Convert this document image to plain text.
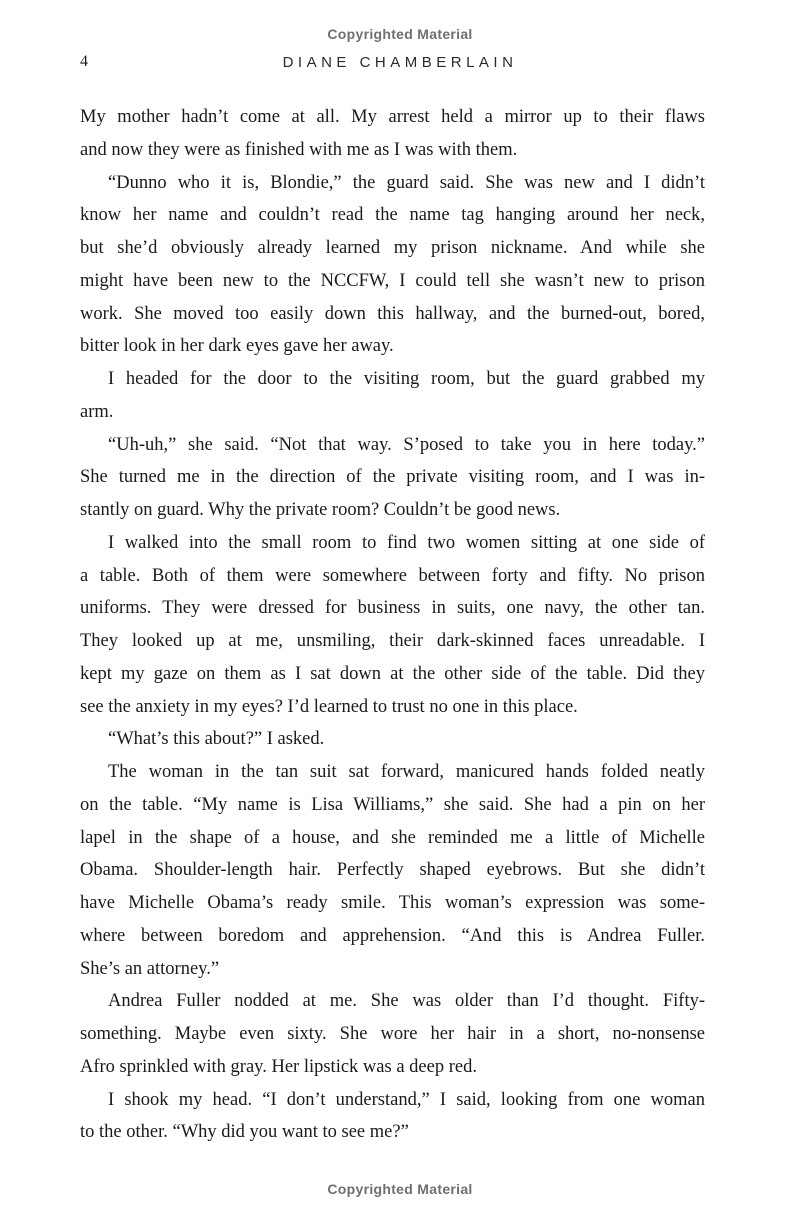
Copyrighted Material
4	DIANE CHAMBERLAIN
My mother hadn’t come at all. My arrest held a mirror up to their flaws
and now they were as finished with me as I was with them.
“Dunno who it is, Blondie,” the guard said. She was new and I didn’t
know her name and couldn’t read the name tag hanging around her neck,
but she’d obviously already learned my prison nickname. And while she
might have been new to the NCCFW, I could tell she wasn’t new to prison
work. She moved too easily down this hallway, and the burned-out, bored,
bitter look in her dark eyes gave her away.
I headed for the door to the visiting room, but the guard grabbed my
arm.
“Uh-uh,” she said. “Not that way. S’posed to take you in here today.”
She turned me in the direction of the private visiting room, and I was in-
stantly on guard. Why the private room? Couldn’t be good news.
I walked into the small room to find two women sitting at one side of
a table. Both of them were somewhere between forty and fifty. No prison
uniforms. They were dressed for business in suits, one navy, the other tan.
They looked up at me, unsmiling, their dark-skinned faces unreadable. I
kept my gaze on them as I sat down at the other side of the table. Did they
see the anxiety in my eyes? I’d learned to trust no one in this place.
“What’s this about?” I asked.
The woman in the tan suit sat forward, manicured hands folded neatly
on the table. “My name is Lisa Williams,” she said. She had a pin on her
lapel in the shape of a house, and she reminded me a little of Michelle
Obama. Shoulder-length hair. Perfectly shaped eyebrows. But she didn’t
have Michelle Obama’s ready smile. This woman’s expression was some-
where between boredom and apprehension. “And this is Andrea Fuller.
She’s an attorney.”
Andrea Fuller nodded at me. She was older than I’d thought. Fifty-
something. Maybe even sixty. She wore her hair in a short, no-nonsense
Afro sprinkled with gray. Her lipstick was a deep red.
I shook my head. “I don’t understand,” I said, looking from one woman
to the other. “Why did you want to see me?”
Copyrighted Material
